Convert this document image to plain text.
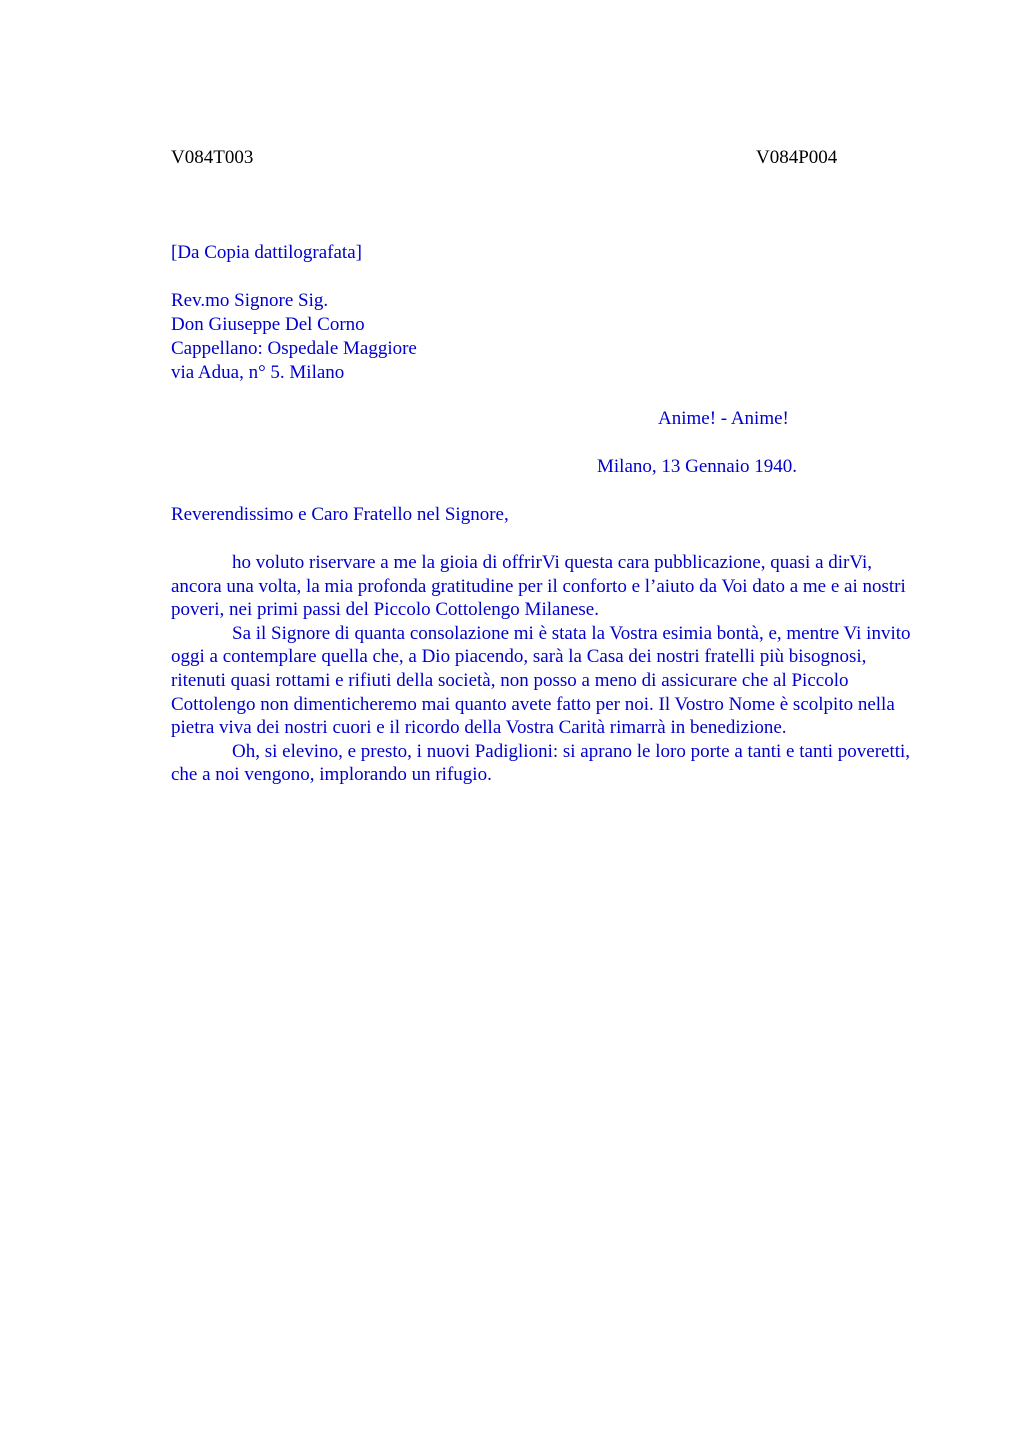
V084T003	V084P004
[Da Copia dattilografata]
Rev.mo Signore Sig.
Don Giuseppe Del Corno
Cappellano: Ospedale Maggiore
via Adua, n° 5. Milano
Anime! - Anime!
Milano, 13 Gennaio 1940.
Reverendissimo e Caro Fratello nel Signore,

ho voluto riservare a me la gioia di offrirVi questa cara pubblicazione, quasi a dirVi, ancora una volta, la mia profonda gratitudine per il conforto e l’aiuto da Voi dato a me e ai nostri poveri, nei primi passi del Piccolo Cottolengo Milanese.

Sa il Signore di quanta consolazione mi è stata la Vostra esimia bontà, e, mentre Vi invito oggi a contemplare quella che, a Dio piacendo, sarà la Casa dei nostri fratelli più bisognosi, ritenuti quasi rottami e rifiuti della società, non posso a meno di assicurare che al Piccolo Cottolengo non dimenticheremo mai quanto avete fatto per noi. Il Vostro Nome è scolpito nella pietra viva dei nostri cuori e il ricordo della Vostra Carità rimarrà in benedizione.

Oh, si elevino, e presto, i nuovi Padiglioni: si aprano le loro porte a tanti e tanti poveretti, che a noi vengono, implorando un rifugio.
